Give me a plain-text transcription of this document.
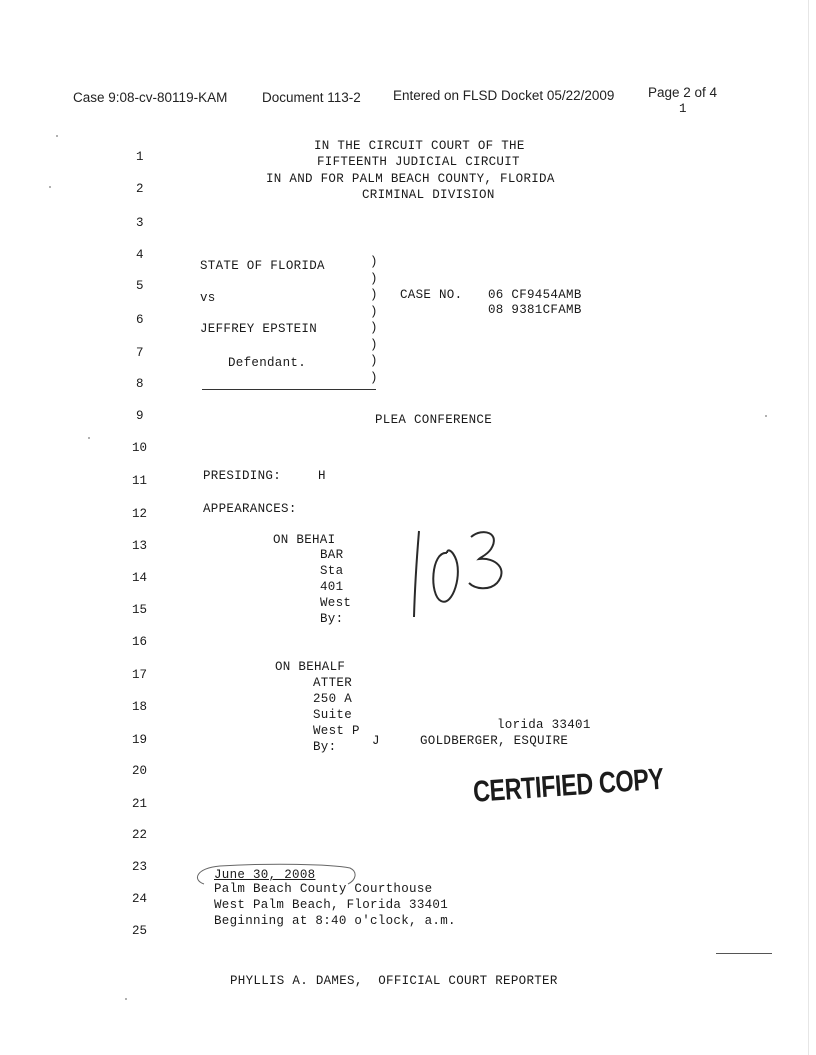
Case 9:08-cv-80119-KAM	Document 113-2 Entered on FLSD Docket 05/22/2009 Page 2 of 4
1
1
2
3
4
5
6
7
8
9
10
11
12
13
14
15
16
17
18
19
20
21
22
23
24
25
IN THE CIRCUIT COURT OF THE
FIFTEENTH JUDICIAL CIRCUIT
IN AND FOR PALM BEACH COUNTY, FLORIDA
CRIMINAL DIVISION
STATE OF FLORIDA
vs
JEFFREY EPSTEIN
Defendant.
)
)
)
)
)
)
)
)
CASE NO. 06 CF9454AMB
08 9381CFAMB
PLEA CONFERENCE
PRESIDING:	H
APPEARANCES:
ON BEHAI
BAR
Sta
401
West
By:
ON BEHALF
ATTER
250 A
Suite
West P
By:
lorida 33401
J	GOLDBERGER, ESQUIRE
CERTIFIED COPY
June 30, 2008
Palm Beach County Courthouse
West Palm Beach, Florida 33401
Beginning at 8:40 o'clock, a.m.
PHYLLIS A. DAMES,  OFFICIAL COURT REPORTER
